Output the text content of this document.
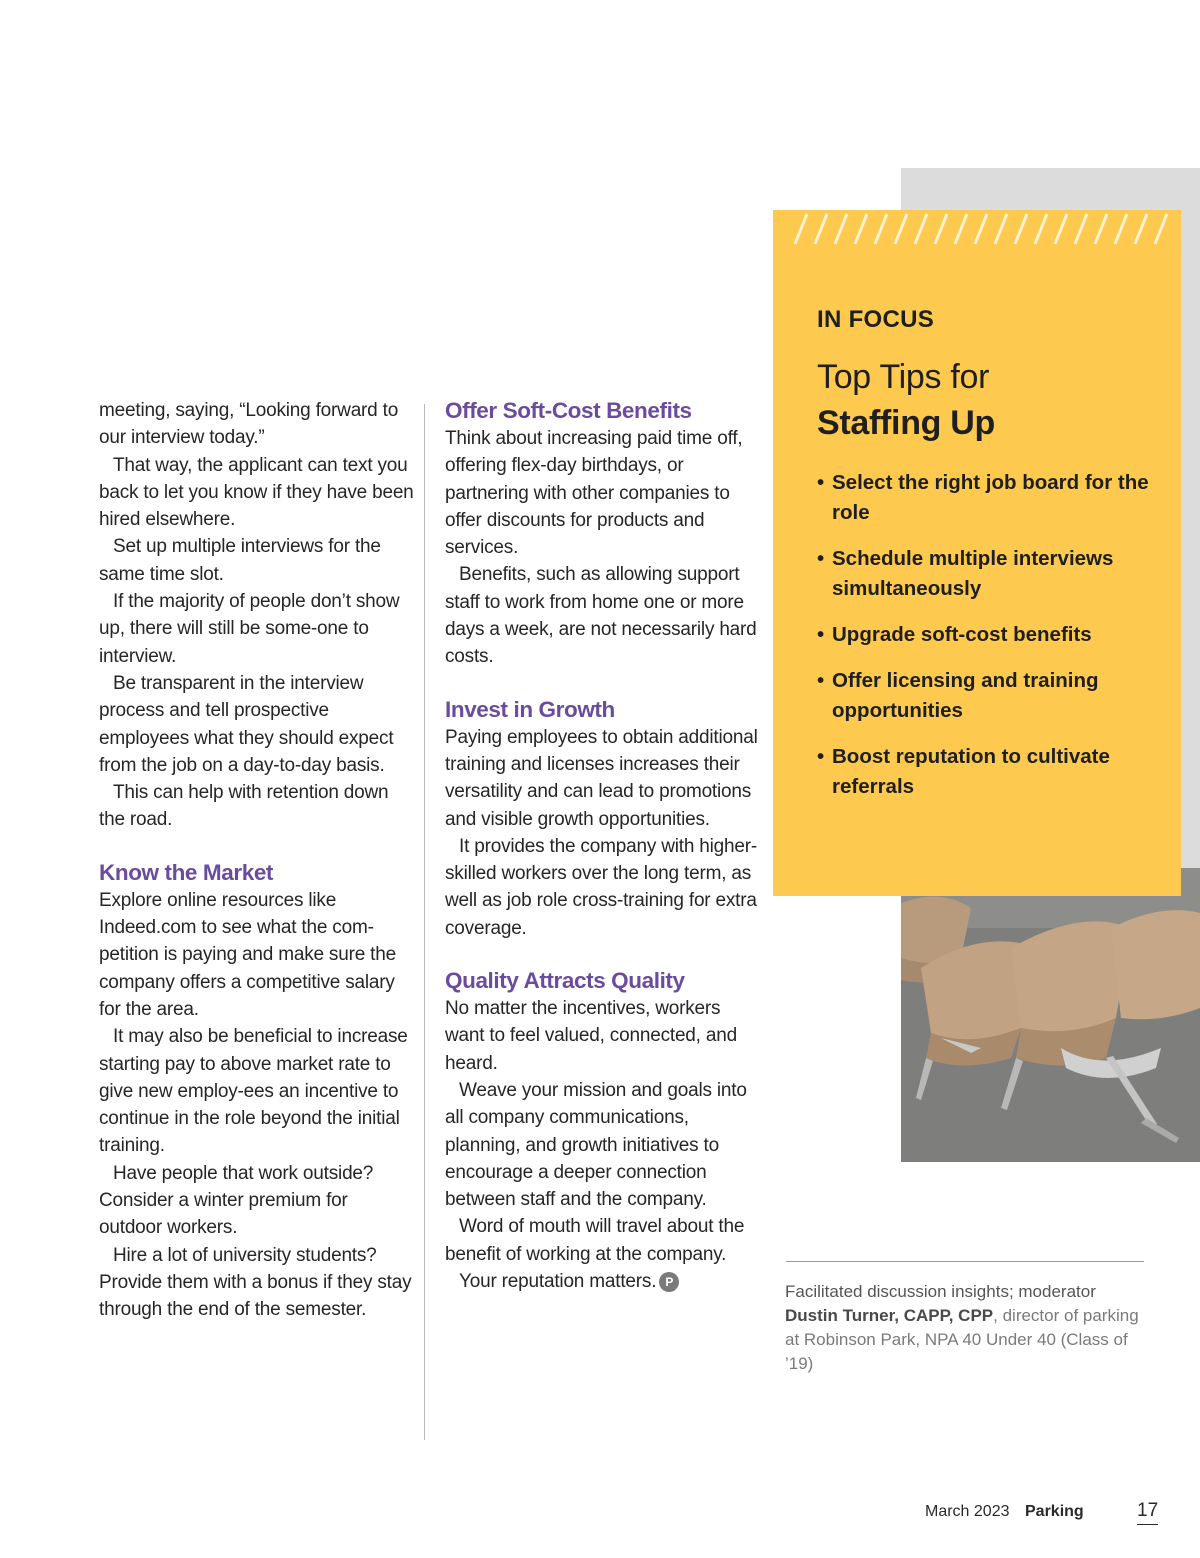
IN FOCUS
Top Tips for
Staffing Up
• Select the right job board for the role
• Schedule multiple interviews simultaneously
• Upgrade soft-cost benefits
• Offer licensing and training opportunities
• Boost reputation to cultivate referrals

meeting, saying, “Looking forward to our interview today.”

That way, the applicant can text you back to let you know if they have been hired elsewhere.

Set up multiple interviews for the same time slot.

If the majority of people don’t show up, there will still be some-one to interview.

Be transparent in the interview process and tell prospective employees what they should expect from the job on a day-to-day basis.

This can help with retention down the road.

Know the Market

Explore online resources like Indeed.com to see what the com-petition is paying and make sure the company offers a competitive salary for the area.

It may also be beneficial to increase starting pay to above market rate to give new employ-ees an incentive to continue in the role beyond the initial training.

Have people that work outside? Consider a winter premium for outdoor workers.

Hire a lot of university students? Provide them with a bonus if they stay through the end of the semester.

Offer Soft-Cost Benefits

Think about increasing paid time off, offering flex-day birthdays, or partnering with other companies to offer discounts for products and services.

Benefits, such as allowing support staff to work from home one or more days a week, are not necessarily hard costs.

Invest in Growth

Paying employees to obtain additional training and licenses increases their versatility and can lead to promotions and visible growth opportunities.

It provides the company with higher-skilled workers over the long term, as well as job role cross-training for extra coverage.

Quality Attracts Quality

No matter the incentives, workers want to feel valued, connected, and heard.

Weave your mission and goals into all company communications, planning, and growth initiatives to encourage a deeper connection between staff and the company.

Word of mouth will travel about the benefit of working at the company.

Your reputation matters. P	Facilitated discussion insights; moderator Dustin Turner, CAPP, CPP, director of parking at Robinson Park, NPA 40 Under 40 (Class of ’19)
March 2023 Parking	17
